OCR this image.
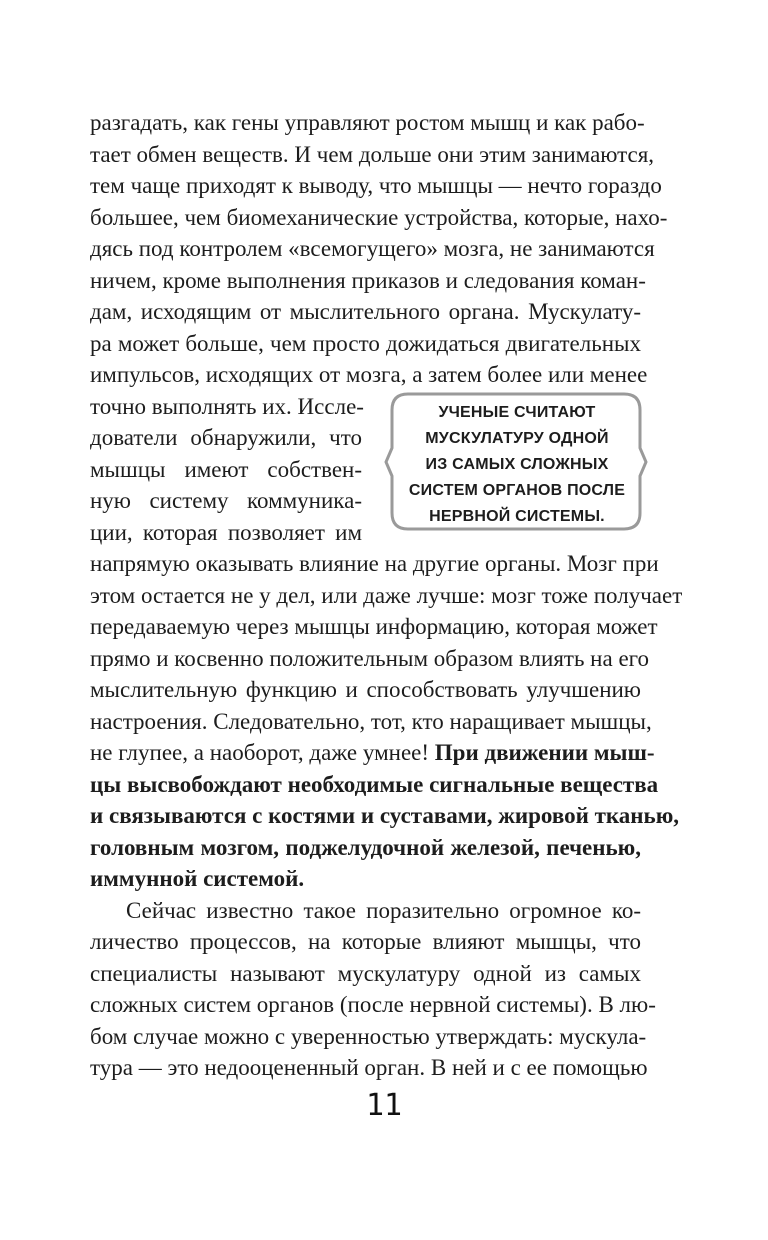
разгадать, как гены управляют ростом мышц и как рабо-
тает обмен веществ. И чем дольше они этим занимаются,
тем чаще приходят к выводу, что мышцы — нечто гораздо
большее, чем биомеханические устройства, которые, нахо-
дясь под контролем «всемогущего» мозга, не занимаются
ничем, кроме выполнения приказов и следования коман-
дам, исходящим от мыслительного органа. Мускулату-
ра может больше, чем просто дожидаться двигательных
импульсов, исходящих от мозга, а затем более или менее
точно выполнять их. Иссле-
дователи обнаружили, что
мышцы имеют собствен-
ную систему коммуника-
ции, которая позволяет им
УЧЕНЫЕ СЧИТАЮТ
МУСКУЛАТУРУ ОДНОЙ
ИЗ САМЫХ СЛОЖНЫХ
СИСТЕМ ОРГАНОВ ПОСЛЕ
НЕРВНОЙ СИСТЕМЫ.
напрямую оказывать влияние на другие органы. Мозг при
этом остается не у дел, или даже лучше: мозг тоже получает
передаваемую через мышцы информацию, которая может
прямо и косвенно положительным образом влиять на его
мыслительную функцию и способствовать улучшению
настроения. Следовательно, тот, кто наращивает мышцы,
не глупее, а наоборот, даже умнее! При движении мыш-
цы высвобождают необходимые сигнальные вещества
и связываются с костями и суставами, жировой тканью,
головным мозгом, поджелудочной железой, печенью,
иммунной системой.
Сейчас известно такое поразительно огромное ко-
личество процессов, на которые влияют мышцы, что
специалисты называют мускулатуру одной из самых
сложных систем органов (после нервной системы). В лю-
бом случае можно с уверенностью утверждать: мускула-
тура — это недооцененный орган. В ней и с ее помощью
11
